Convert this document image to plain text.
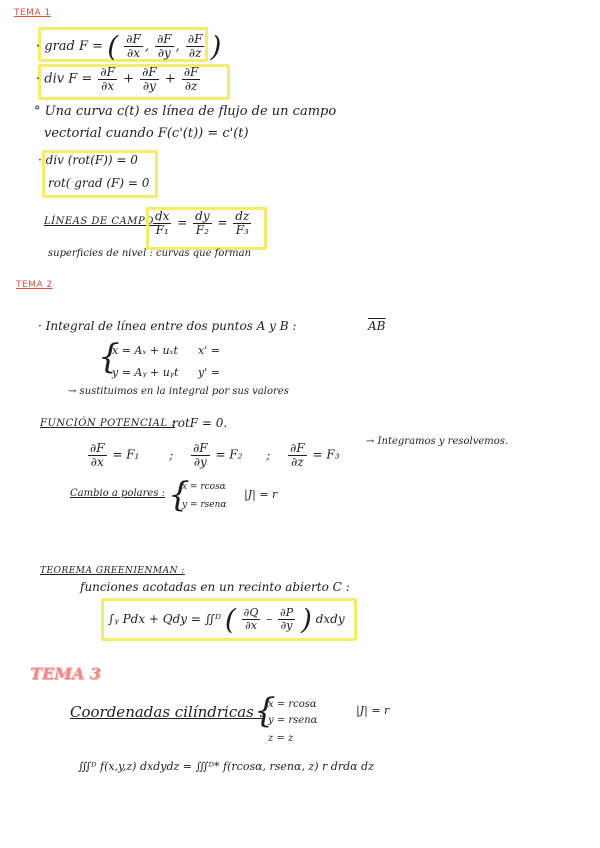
TEMA 1
· grad F = ( $\frac{\partial F}{\partial x}$ , $\frac{\partial F}{\partial y}$ , $\frac{\partial F}{\partial z}$ )
· div $F = \frac{\partial F}{\partial x} + \frac{\partial F}{\partial y} + \frac{\partial F}{\partial z}$
° Una curva c(t) es línea de flujo de un campo
vectorial cuando F(c'(t)) = c'(t)
· div (rot(F)) = 0
rot( grad (F) = 0
LÍNEAS DE CAMPO :
$\frac{dx}{\text{F₁}} = \frac{dy}{\text{F₂}} = \frac{dz}{\text{F₃}}$
superficies de nivel : curvas que forman
TEMA 2
· Integral de línea entre dos puntos A y B :	$\overline{AB}$
{
x = Aₓ + uₓt
y = Aᵧ + uᵧt
x' =
y' =
→ sustituimos en la integral por sus valores
FUNCIÓN POTENCIAL :
rotF = 0.
$\frac{\partial F}{\partial x} = F_1$ ; $\frac{\partial F}{\partial y} = F_2$ ; $\frac{\partial F}{\partial z} = F_3$
→ Integramos y resolvemos.
Cambio a polares : {
x = rcosα
y = rsenα
|J| = r
TEOREMA GREENIENMAN :
funciones acotadas en un recinto abierto C :
∫ᵧ Pdx + Qdy = ∬ᴰ ( $\frac{\partial Q}{\partial x} - \frac{\partial P}{\partial y}$ ) dxdy
TEMA 3
Coordenadas cilíndricas :
{
x = rcosα
y = rsenα
z = z
|J| = r
∭ᴰ f(x,y,z) dxdydz = ∭ᴰ* f(rcosα, rsenα, z) r drdα dz
